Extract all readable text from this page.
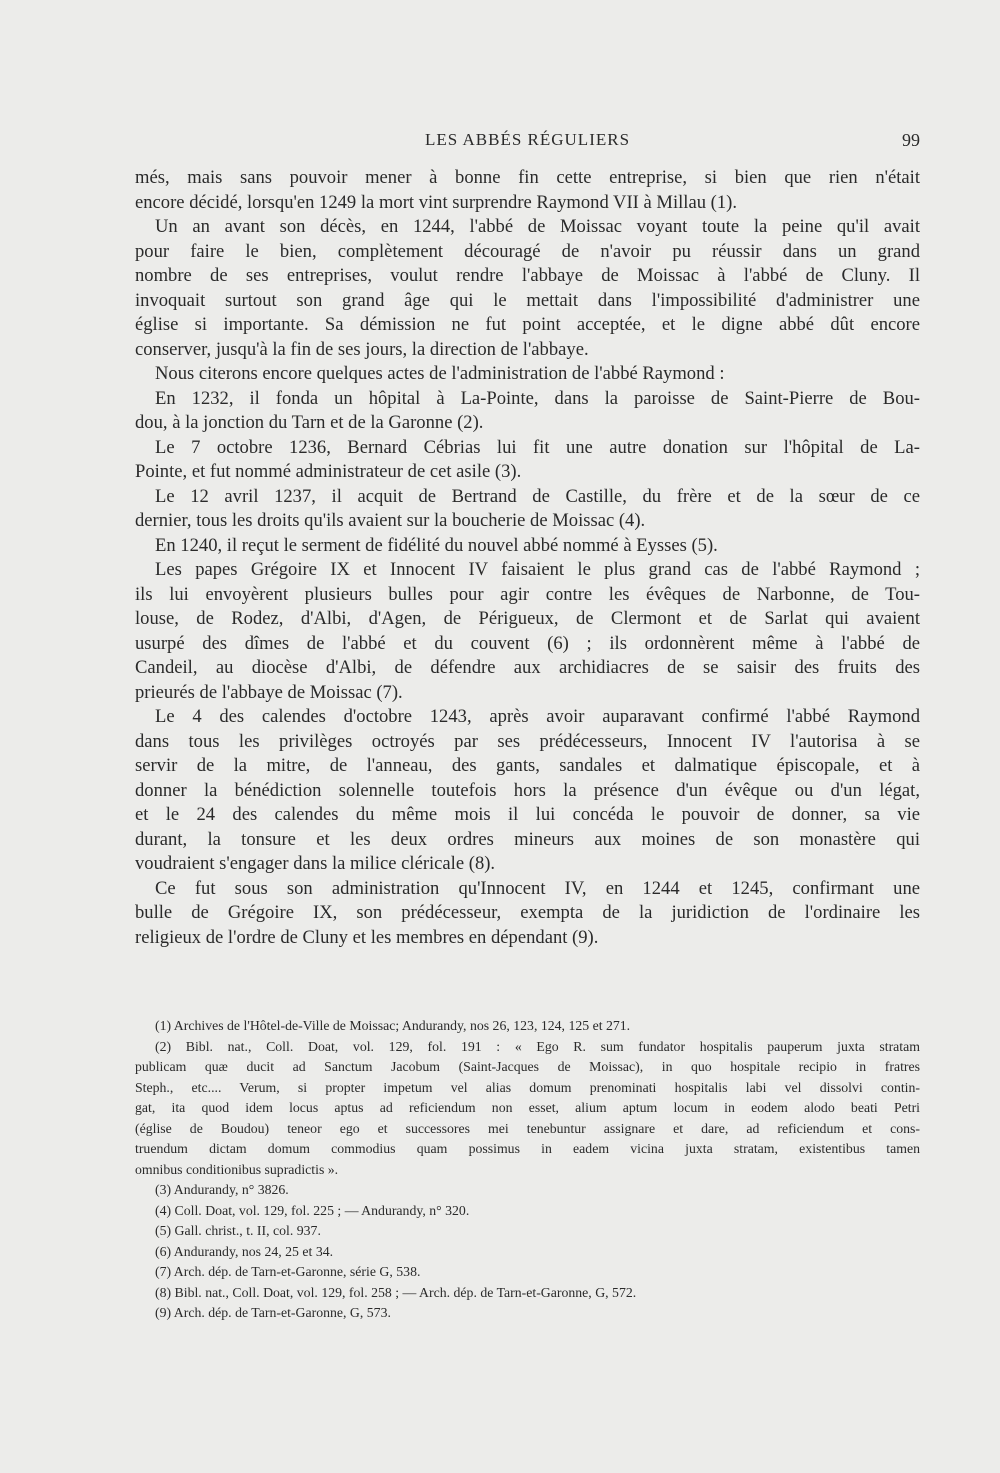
LES ABBÉS RÉGULIERS	99
més, mais sans pouvoir mener à bonne fin cette entreprise, si bien que rien n'était
encore décidé, lorsqu'en 1249 la mort vint surprendre Raymond VII à Millau (1).
Un an avant son décès, en 1244, l'abbé de Moissac voyant toute la peine qu'il avait
pour faire le bien, complètement découragé de n'avoir pu réussir dans un grand
nombre de ses entreprises, voulut rendre l'abbaye de Moissac à l'abbé de Cluny. Il
invoquait surtout son grand âge qui le mettait dans l'impossibilité d'administrer une
église si importante. Sa démission ne fut point acceptée, et le digne abbé dût encore
conserver, jusqu'à la fin de ses jours, la direction de l'abbaye.
Nous citerons encore quelques actes de l'administration de l'abbé Raymond :
En 1232, il fonda un hôpital à La-Pointe, dans la paroisse de Saint-Pierre de Bou-
dou, à la jonction du Tarn et de la Garonne (2).
Le 7 octobre 1236, Bernard Cébrias lui fit une autre donation sur l'hôpital de La-
Pointe, et fut nommé administrateur de cet asile (3).
Le 12 avril 1237, il acquit de Bertrand de Castille, du frère et de la sœur de ce
dernier, tous les droits qu'ils avaient sur la boucherie de Moissac (4).
En 1240, il reçut le serment de fidélité du nouvel abbé nommé à Eysses (5).
Les papes Grégoire IX et Innocent IV faisaient le plus grand cas de l'abbé Raymond ;
ils lui envoyèrent plusieurs bulles pour agir contre les évêques de Narbonne, de Tou-
louse, de Rodez, d'Albi, d'Agen, de Périgueux, de Clermont et de Sarlat qui avaient
usurpé des dîmes de l'abbé et du couvent (6) ; ils ordonnèrent même à l'abbé de
Candeil, au diocèse d'Albi, de défendre aux archidiacres de se saisir des fruits des
prieurés de l'abbaye de Moissac (7).
Le 4 des calendes d'octobre 1243, après avoir auparavant confirmé l'abbé Raymond
dans tous les privilèges octroyés par ses prédécesseurs, Innocent IV l'autorisa à se
servir de la mitre, de l'anneau, des gants, sandales et dalmatique épiscopale, et à
donner la bénédiction solennelle toutefois hors la présence d'un évêque ou d'un légat,
et le 24 des calendes du même mois il lui concéda le pouvoir de donner, sa vie
durant, la tonsure et les deux ordres mineurs aux moines de son monastère qui
voudraient s'engager dans la milice cléricale (8).
Ce fut sous son administration qu'Innocent IV, en 1244 et 1245, confirmant une
bulle de Grégoire IX, son prédécesseur, exempta de la juridiction de l'ordinaire les
religieux de l'ordre de Cluny et les membres en dépendant (9).
(1) Archives de l'Hôtel-de-Ville de Moissac; Andurandy, nos 26, 123, 124, 125 et 271.
(2) Bibl. nat., Coll. Doat, vol. 129, fol. 191 : « Ego R. sum fundator hospitalis pauperum juxta stratam
publicam quæ ducit ad Sanctum Jacobum (Saint-Jacques de Moissac), in quo hospitale recipio in fratres
Steph., etc.... Verum, si propter impetum vel alias domum prenominati hospitalis labi vel dissolvi contin-
gat, ita quod idem locus aptus ad reficiendum non esset, alium aptum locum in eodem alodo beati Petri
(église de Boudou) teneor ego et successores mei tenebuntur assignare et dare, ad reficiendum et cons-
truendum dictam domum commodius quam possimus in eadem vicina juxta stratam, existentibus tamen
omnibus conditionibus supradictis ».
(3) Andurandy, n° 3826.
(4) Coll. Doat, vol. 129, fol. 225 ; — Andurandy, n° 320.
(5) Gall. christ., t. II, col. 937.
(6) Andurandy, nos 24, 25 et 34.
(7) Arch. dép. de Tarn-et-Garonne, série G, 538.
(8) Bibl. nat., Coll. Doat, vol. 129, fol. 258 ; — Arch. dép. de Tarn-et-Garonne, G, 572.
(9) Arch. dép. de Tarn-et-Garonne, G, 573.
